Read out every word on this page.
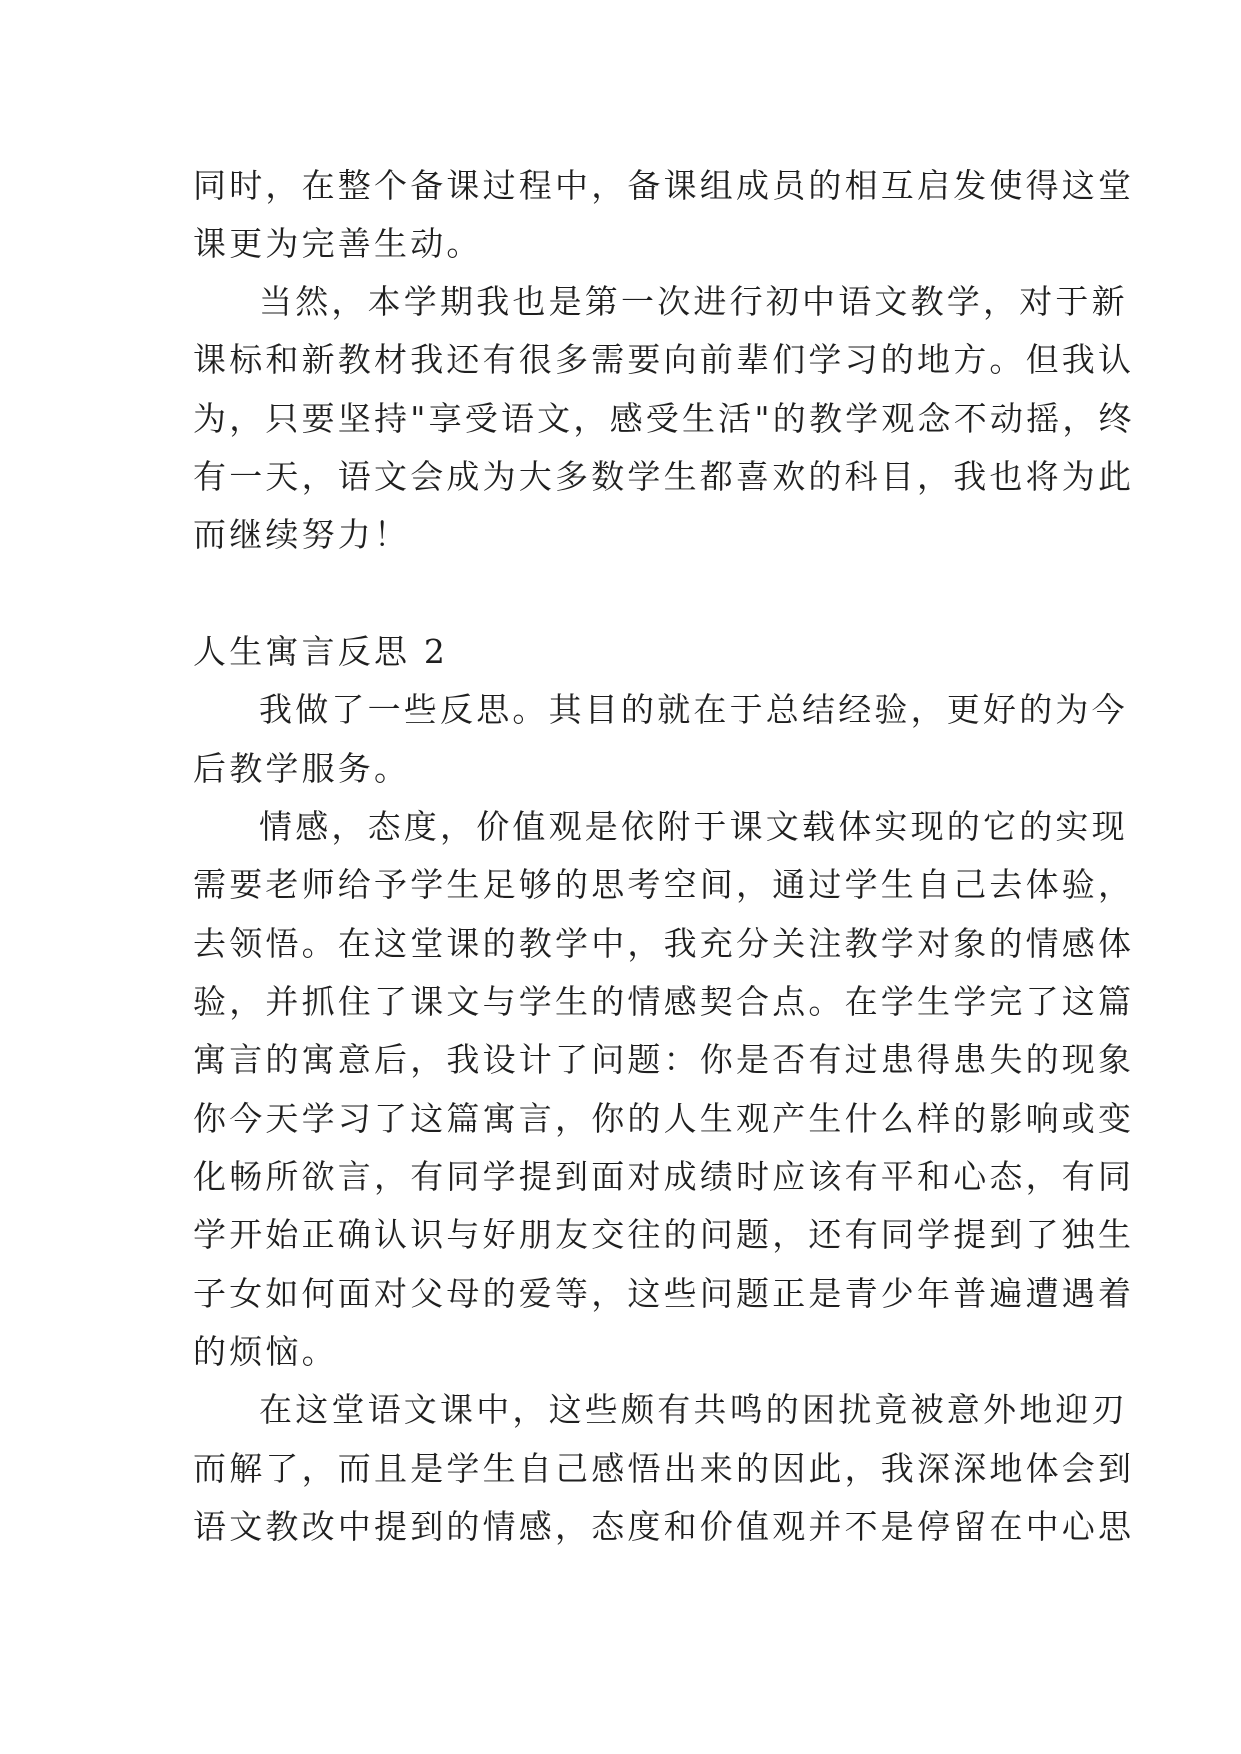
同时，在整个备课过程中，备课组成员的相互启发使得这堂

课更为完善生动。

当然，本学期我也是第一次进行初中语文教学，对于新

课标和新教材我还有很多需要向前辈们学习的地方。但我认

为，只要坚持"享受语文，感受生活"的教学观念不动摇，终

有一天，语文会成为大多数学生都喜欢的科目，我也将为此

而继续努力！

人生寓言反思 2

我做了一些反思。其目的就在于总结经验，更好的为今

后教学服务。

情感，态度，价值观是依附于课文载体实现的它的实现

需要老师给予学生足够的思考空间，通过学生自己去体验，

去领悟。在这堂课的教学中，我充分关注教学对象的情感体

验，并抓住了课文与学生的情感契合点。在学生学完了这篇

寓言的寓意后，我设计了问题：你是否有过患得患失的现象

你今天学习了这篇寓言，你的人生观产生什么样的影响或变

化畅所欲言，有同学提到面对成绩时应该有平和心态，有同

学开始正确认识与好朋友交往的问题，还有同学提到了独生

子女如何面对父母的爱等，这些问题正是青少年普遍遭遇着

的烦恼。

在这堂语文课中，这些颇有共鸣的困扰竟被意外地迎刃

而解了，而且是学生自己感悟出来的因此，我深深地体会到

语文教改中提到的情感，态度和价值观并不是停留在中心思
